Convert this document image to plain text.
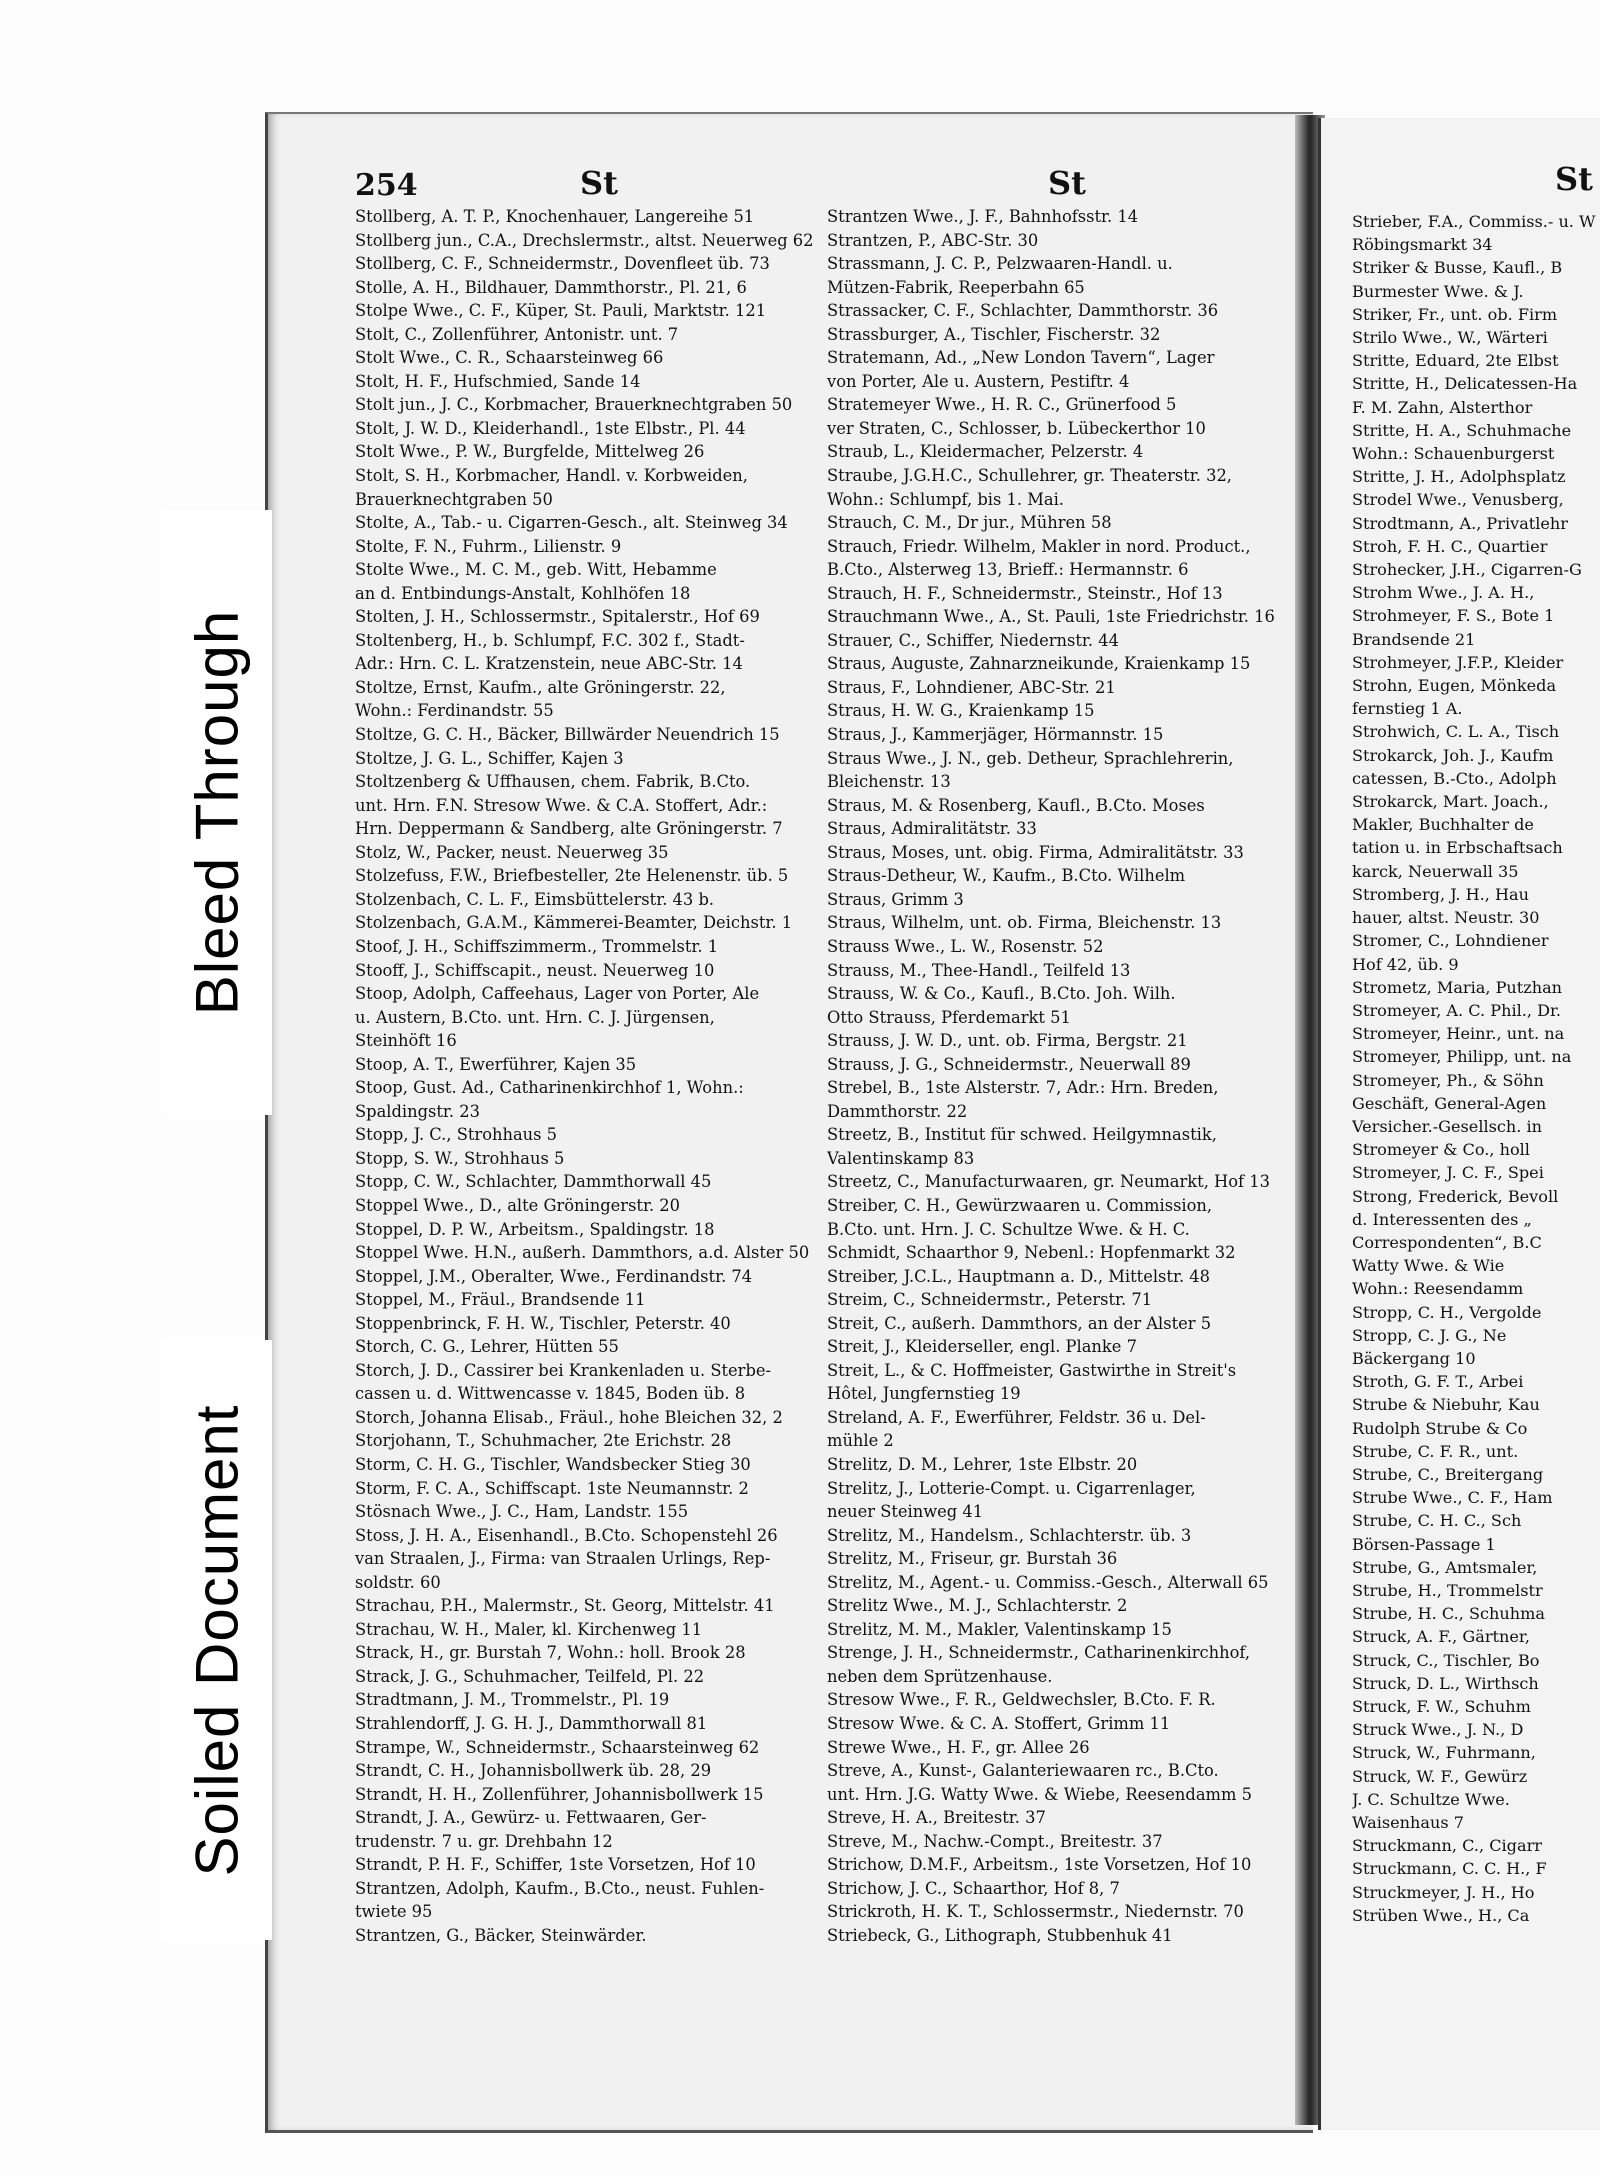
Bleed Through
Soiled Document
254	St	St	St
Stollberg, A. T. P., Knochenhauer, Langereihe 51
Stollberg jun., C.A., Drechslermstr., altst. Neuerweg 62
Stollberg, C. F., Schneidermstr., Dovenfleet üb. 73
Stolle, A. H., Bildhauer, Dammthorstr., Pl. 21, 6
Stolpe Wwe., C. F., Küper, St. Pauli, Marktstr. 121
Stolt, C., Zollenführer, Antonistr. unt. 7
Stolt Wwe., C. R., Schaarsteinweg 66
Stolt, H. F., Hufschmied, Sande 14
Stolt jun., J. C., Korbmacher, Brauerknechtgraben 50
Stolt, J. W. D., Kleiderhandl., 1ste Elbstr., Pl. 44
Stolt Wwe., P. W., Burgfelde, Mittelweg 26
Stolt, S. H., Korbmacher, Handl. v. Korbweiden,
Brauerknechtgraben 50
Stolte, A., Tab.- u. Cigarren-Gesch., alt. Steinweg 34
Stolte, F. N., Fuhrm., Lilienstr. 9
Stolte Wwe., M. C. M., geb. Witt, Hebamme
an d. Entbindungs-Anstalt, Kohlhöfen 18
Stolten, J. H., Schlossermstr., Spitalerstr., Hof 69
Stoltenberg, H., b. Schlumpf, F.C. 302 f., Stadt-
Adr.: Hrn. C. L. Kratzenstein, neue ABC-Str. 14
Stoltze, Ernst, Kaufm., alte Gröningerstr. 22,
Wohn.: Ferdinandstr. 55
Stoltze, G. C. H., Bäcker, Billwärder Neuendrich 15
Stoltze, J. G. L., Schiffer, Kajen 3
Stoltzenberg & Uffhausen, chem. Fabrik, B.Cto.
unt. Hrn. F.N. Stresow Wwe. & C.A. Stoffert, Adr.:
Hrn. Deppermann & Sandberg, alte Gröningerstr. 7
Stolz, W., Packer, neust. Neuerweg 35
Stolzefuss, F.W., Briefbesteller, 2te Helenenstr. üb. 5
Stolzenbach, C. L. F., Eimsbüttelerstr. 43 b.
Stolzenbach, G.A.M., Kämmerei-Beamter, Deichstr. 1
Stoof, J. H., Schiffszimmerm., Trommelstr. 1
Stooff, J., Schiffscapit., neust. Neuerweg 10
Stoop, Adolph, Caffeehaus, Lager von Porter, Ale
u. Austern, B.Cto. unt. Hrn. C. J. Jürgensen,
Steinhöft 16
Stoop, A. T., Ewerführer, Kajen 35
Stoop, Gust. Ad., Catharinenkirchhof 1, Wohn.:
Spaldingstr. 23
Stopp, J. C., Strohhaus 5
Stopp, S. W., Strohhaus 5
Stopp, C. W., Schlachter, Dammthorwall 45
Stoppel Wwe., D., alte Gröningerstr. 20
Stoppel, D. P. W., Arbeitsm., Spaldingstr. 18
Stoppel Wwe. H.N., außerh. Dammthors, a.d. Alster 50
Stoppel, J.M., Oberalter, Wwe., Ferdinandstr. 74
Stoppel, M., Fräul., Brandsende 11
Stoppenbrinck, F. H. W., Tischler, Peterstr. 40
Storch, C. G., Lehrer, Hütten 55
Storch, J. D., Cassirer bei Krankenladen u. Sterbe-
cassen u. d. Wittwencasse v. 1845, Boden üb. 8
Storch, Johanna Elisab., Fräul., hohe Bleichen 32, 2
Storjohann, T., Schuhmacher, 2te Erichstr. 28
Storm, C. H. G., Tischler, Wandsbecker Stieg 30
Storm, F. C. A., Schiffscapt. 1ste Neumannstr. 2
Stösnach Wwe., J. C., Ham, Landstr. 155
Stoss, J. H. A., Eisenhandl., B.Cto. Schopenstehl 26
van Straalen, J., Firma: van Straalen Urlings, Rep-
soldstr. 60
Strachau, P.H., Malermstr., St. Georg, Mittelstr. 41
Strachau, W. H., Maler, kl. Kirchenweg 11
Strack, H., gr. Burstah 7, Wohn.: holl. Brook 28
Strack, J. G., Schuhmacher, Teilfeld, Pl. 22
Stradtmann, J. M., Trommelstr., Pl. 19
Strahlendorff, J. G. H. J., Dammthorwall 81
Strampe, W., Schneidermstr., Schaarsteinweg 62
Strandt, C. H., Johannisbollwerk üb. 28, 29
Strandt, H. H., Zollenführer, Johannisbollwerk 15
Strandt, J. A., Gewürz- u. Fettwaaren, Ger-
trudenstr. 7 u. gr. Drehbahn 12
Strandt, P. H. F., Schiffer, 1ste Vorsetzen, Hof 10
Strantzen, Adolph, Kaufm., B.Cto., neust. Fuhlen-
twiete 95
Strantzen, G., Bäcker, Steinwärder.
Strantzen Wwe., J. F., Bahnhofsstr. 14
Strantzen, P., ABC-Str. 30
Strassmann, J. C. P., Pelzwaaren-Handl. u.
Mützen-Fabrik, Reeperbahn 65
Strassacker, C. F., Schlachter, Dammthorstr. 36
Strassburger, A., Tischler, Fischerstr. 32
Stratemann, Ad., „New London Tavern“, Lager
von Porter, Ale u. Austern, Pestiftr. 4
Stratemeyer Wwe., H. R. C., Grünerfood 5
ver Straten, C., Schlosser, b. Lübeckerthor 10
Straub, L., Kleidermacher, Pelzerstr. 4
Straube, J.G.H.C., Schullehrer, gr. Theaterstr. 32,
Wohn.: Schlumpf, bis 1. Mai.
Strauch, C. M., Dr jur., Mühren 58
Strauch, Friedr. Wilhelm, Makler in nord. Product.,
B.Cto., Alsterweg 13, Brieff.: Hermannstr. 6
Strauch, H. F., Schneidermstr., Steinstr., Hof 13
Strauchmann Wwe., A., St. Pauli, 1ste Friedrichstr. 16
Strauer, C., Schiffer, Niedernstr. 44
Straus, Auguste, Zahnarzneikunde, Kraienkamp 15
Straus, F., Lohndiener, ABC-Str. 21
Straus, H. W. G., Kraienkamp 15
Straus, J., Kammerjäger, Hörmannstr. 15
Straus Wwe., J. N., geb. Detheur, Sprachlehrerin,
Bleichenstr. 13
Straus, M. & Rosenberg, Kaufl., B.Cto. Moses
Straus, Admiralitätstr. 33
Straus, Moses, unt. obig. Firma, Admiralitätstr. 33
Straus-Detheur, W., Kaufm., B.Cto. Wilhelm
Straus, Grimm 3
Straus, Wilhelm, unt. ob. Firma, Bleichenstr. 13
Strauss Wwe., L. W., Rosenstr. 52
Strauss, M., Thee-Handl., Teilfeld 13
Strauss, W. & Co., Kaufl., B.Cto. Joh. Wilh.
Otto Strauss, Pferdemarkt 51
Strauss, J. W. D., unt. ob. Firma, Bergstr. 21
Strauss, J. G., Schneidermstr., Neuerwall 89
Strebel, B., 1ste Alsterstr. 7, Adr.: Hrn. Breden,
Dammthorstr. 22
Streetz, B., Institut für schwed. Heilgymnastik,
Valentinskamp 83
Streetz, C., Manufacturwaaren, gr. Neumarkt, Hof 13
Streiber, C. H., Gewürzwaaren u. Commission,
B.Cto. unt. Hrn. J. C. Schultze Wwe. & H. C.
Schmidt, Schaarthor 9, Nebenl.: Hopfenmarkt 32
Streiber, J.C.L., Hauptmann a. D., Mittelstr. 48
Streim, C., Schneidermstr., Peterstr. 71
Streit, C., außerh. Dammthors, an der Alster 5
Streit, J., Kleiderseller, engl. Planke 7
Streit, L., & C. Hoffmeister, Gastwirthe in Streit's
Hôtel, Jungfernstieg 19
Streland, A. F., Ewerführer, Feldstr. 36 u. Del-
mühle 2
Strelitz, D. M., Lehrer, 1ste Elbstr. 20
Strelitz, J., Lotterie-Compt. u. Cigarrenlager,
neuer Steinweg 41
Strelitz, M., Handelsm., Schlachterstr. üb. 3
Strelitz, M., Friseur, gr. Burstah 36
Strelitz, M., Agent.- u. Commiss.-Gesch., Alterwall 65
Strelitz Wwe., M. J., Schlachterstr. 2
Strelitz, M. M., Makler, Valentinskamp 15
Strenge, J. H., Schneidermstr., Catharinenkirchhof,
neben dem Sprützenhause.
Stresow Wwe., F. R., Geldwechsler, B.Cto. F. R.
Stresow Wwe. & C. A. Stoffert, Grimm 11
Strewe Wwe., H. F., gr. Allee 26
Streve, A., Kunst-, Galanteriewaaren rc., B.Cto.
unt. Hrn. J.G. Watty Wwe. & Wiebe, Reesendamm 5
Streve, H. A., Breitestr. 37
Streve, M., Nachw.-Compt., Breitestr. 37
Strichow, D.M.F., Arbeitsm., 1ste Vorsetzen, Hof 10
Strichow, J. C., Schaarthor, Hof 8, 7
Strickroth, H. K. T., Schlossermstr., Niedernstr. 70
Striebeck, G., Lithograph, Stubbenhuk 41
Strieber, F.A., Commiss.- u. W
Röbingsmarkt 34
Striker & Busse, Kaufl., B
Burmester Wwe. & J.
Striker, Fr., unt. ob. Firm
Strilo Wwe., W., Wärteri
Stritte, Eduard, 2te Elbst
Stritte, H., Delicatessen-Ha
F. M. Zahn, Alsterthor
Stritte, H. A., Schuhmache
Wohn.: Schauenburgerst
Stritte, J. H., Adolphsplatz
Strodel Wwe., Venusberg,
Strodtmann, A., Privatlehr
Stroh, F. H. C., Quartier
Strohecker, J.H., Cigarren-G
Strohm Wwe., J. A. H.,
Strohmeyer, F. S., Bote 1
Brandsende 21
Strohmeyer, J.F.P., Kleider
Strohn, Eugen, Mönkeda
fernstieg 1 A.
Strohwich, C. L. A., Tisch
Strokarck, Joh. J., Kaufm
catessen, B.-Cto., Adolph
Strokarck, Mart. Joach.,
Makler, Buchhalter de
tation u. in Erbschaftsach
karck, Neuerwall 35
Stromberg, J. H., Hau
hauer, altst. Neustr. 30
Stromer, C., Lohndiener
Hof 42, üb. 9
Strometz, Maria, Putzhan
Stromeyer, A. C. Phil., Dr.
Stromeyer, Heinr., unt. na
Stromeyer, Philipp, unt. na
Stromeyer, Ph., & Söhn
Geschäft, General-Agen
Versicher.-Gesellsch. in
Stromeyer & Co., holl
Stromeyer, J. C. F., Spei
Strong, Frederick, Bevoll
d. Interessenten des „
Correspondenten“, B.C
Watty Wwe. & Wie
Wohn.: Reesendamm
Stropp, C. H., Vergolde
Stropp, C. J. G., Ne
Bäckergang 10
Stroth, G. F. T., Arbei
Strube & Niebuhr, Kau
Rudolph Strube & Co
Strube, C. F. R., unt.
Strube, C., Breitergang
Strube Wwe., C. F., Ham
Strube, C. H. C., Sch
Börsen-Passage 1
Strube, G., Amtsmaler,
Strube, H., Trommelstr
Strube, H. C., Schuhma
Struck, A. F., Gärtner,
Struck, C., Tischler, Bo
Struck, D. L., Wirthsch
Struck, F. W., Schuhm
Struck Wwe., J. N., D
Struck, W., Fuhrmann,
Struck, W. F., Gewürz
J. C. Schultze Wwe.
Waisenhaus 7
Struckmann, C., Cigarr
Struckmann, C. C. H., F
Struckmeyer, J. H., Ho
Strüben Wwe., H., Ca
